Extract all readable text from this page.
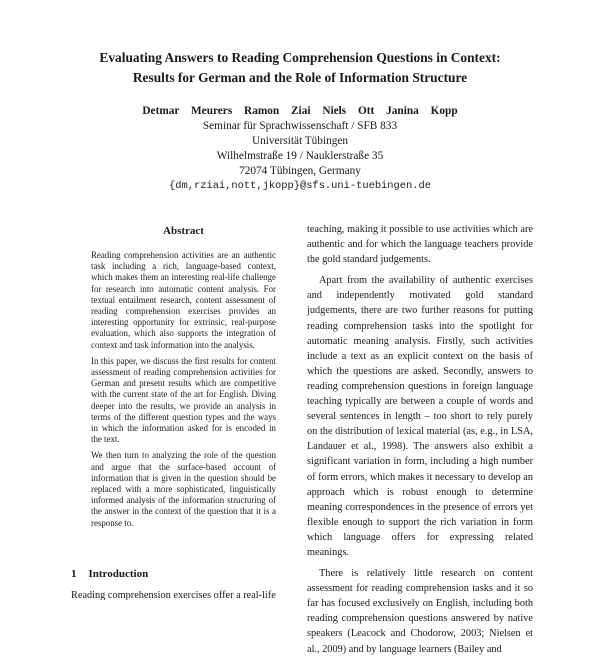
Evaluating Answers to Reading Comprehension Questions in Context:
Results for German and the Role of Information Structure
Detmar Meurers Ramon Ziai Niels Ott Janina Kopp
Seminar für Sprachwissenschaft / SFB 833
Universität Tübingen
Wilhelmstraße 19 / Nauklerstraße 35
72074 Tübingen, Germany
{dm,rziai,nott,jkopp}@sfs.uni-tuebingen.de
Abstract

Reading comprehension activities are an authentic task including a rich, language-based context, which makes them an interesting real-life challenge for research into automatic content analysis. For textual entailment research, content assessment of reading comprehension exercises provides an interesting opportunity for extrinsic, real-purpose evaluation, which also supports the integration of context and task information into the analysis.

In this paper, we discuss the first results for content assessment of reading comprehension activities for German and present results which are competitive with the current state of the art for English. Diving deeper into the results, we provide an analysis in terms of the different question types and the ways in which the information asked for is encoded in the text.

We then turn to analyzing the role of the question and argue that the surface-based account of information that is given in the question should be replaced with a more sophisticated, linguistically informed analysis of the information structuring of the answer in the context of the question that it is a response to.

1 Introduction
Reading comprehension exercises offer a real-life

teaching, making it possible to use activities which are authentic and for which the language teachers provide the gold standard judgements.

Apart from the availability of authentic exercises and independently motivated gold standard judgements, there are two further reasons for putting reading comprehension tasks into the spotlight for automatic meaning analysis. Firstly, such activities include a text as an explicit context on the basis of which the questions are asked. Secondly, answers to reading comprehension questions in foreign language teaching typically are between a couple of words and several sentences in length – too short to rely purely on the distribution of lexical material (as, e.g., in LSA, Landauer et al., 1998). The answers also exhibit a significant variation in form, including a high number of form errors, which makes it necessary to develop an approach which is robust enough to determine meaning correspondences in the presence of errors yet flexible enough to support the rich variation in form which language offers for expressing related meanings.

There is relatively little research on content assessment for reading comprehension tasks and it so far has focused exclusively on English, including both reading comprehension questions answered by native speakers (Leacock and Chodorow, 2003; Nielsen et al., 2009) and by language learners (Bailey and
